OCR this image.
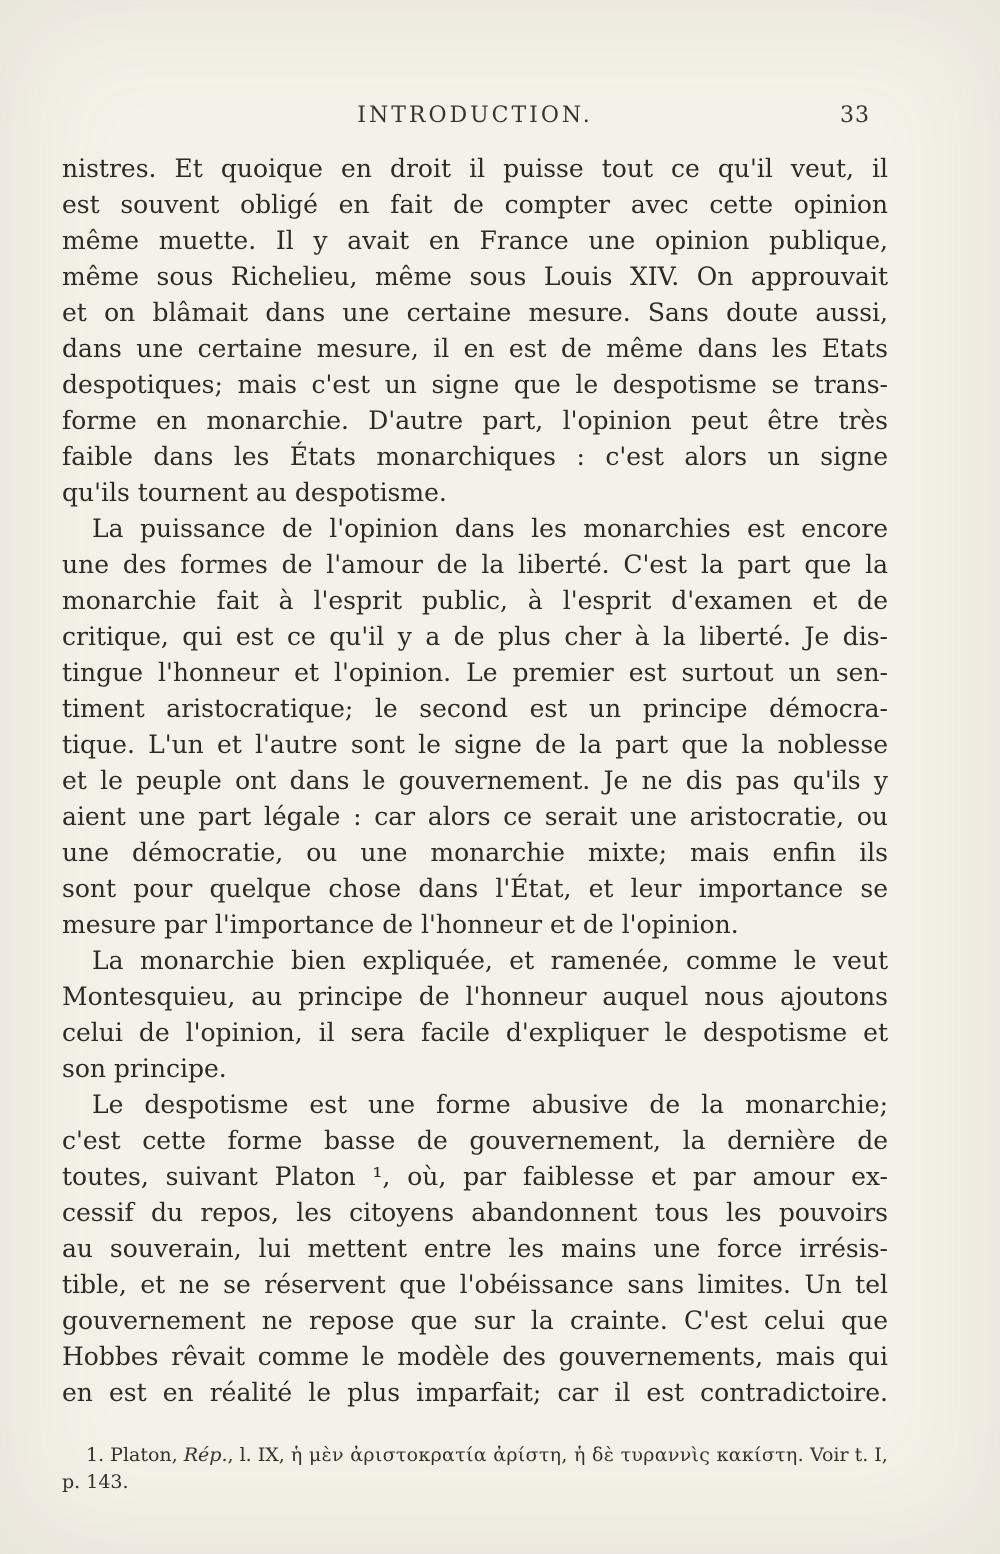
INTRODUCTION.	33
nistres. Et quoique en droit il puisse tout ce qu'il veut, il
est souvent obligé en fait de compter avec cette opinion
même muette. Il y avait en France une opinion publique,
même sous Richelieu, même sous Louis XIV. On approuvait
et on blâmait dans une certaine mesure. Sans doute aussi,
dans une certaine mesure, il en est de même dans les Etats
despotiques; mais c'est un signe que le despotisme se trans-
forme en monarchie. D'autre part, l'opinion peut être très
faible dans les États monarchiques : c'est alors un signe
qu'ils tournent au despotisme.
La puissance de l'opinion dans les monarchies est encore
une des formes de l'amour de la liberté. C'est la part que la
monarchie fait à l'esprit public, à l'esprit d'examen et de
critique, qui est ce qu'il y a de plus cher à la liberté. Je dis-
tingue l'honneur et l'opinion. Le premier est surtout un sen-
timent aristocratique; le second est un principe démocra-
tique. L'un et l'autre sont le signe de la part que la noblesse
et le peuple ont dans le gouvernement. Je ne dis pas qu'ils y
aient une part légale : car alors ce serait une aristocratie, ou
une démocratie, ou une monarchie mixte; mais enfin ils
sont pour quelque chose dans l'État, et leur importance se
mesure par l'importance de l'honneur et de l'opinion.
La monarchie bien expliquée, et ramenée, comme le veut
Montesquieu, au principe de l'honneur auquel nous ajoutons
celui de l'opinion, il sera facile d'expliquer le despotisme et
son principe.
Le despotisme est une forme abusive de la monarchie;
c'est cette forme basse de gouvernement, la dernière de
toutes, suivant Platon ¹, où, par faiblesse et par amour ex-
cessif du repos, les citoyens abandonnent tous les pouvoirs
au souverain, lui mettent entre les mains une force irrésis-
tible, et ne se réservent que l'obéissance sans limites. Un tel
gouvernement ne repose que sur la crainte. C'est celui que
Hobbes rêvait comme le modèle des gouvernements, mais qui
en est en réalité le plus imparfait; car il est contradictoire.
1. Platon, Rép., l. IX, ἡ μὲν ἀριστοκρατία ἀρίστη, ἡ δὲ τυραννὶς κακίστη. Voir t. I,
p. 143.
